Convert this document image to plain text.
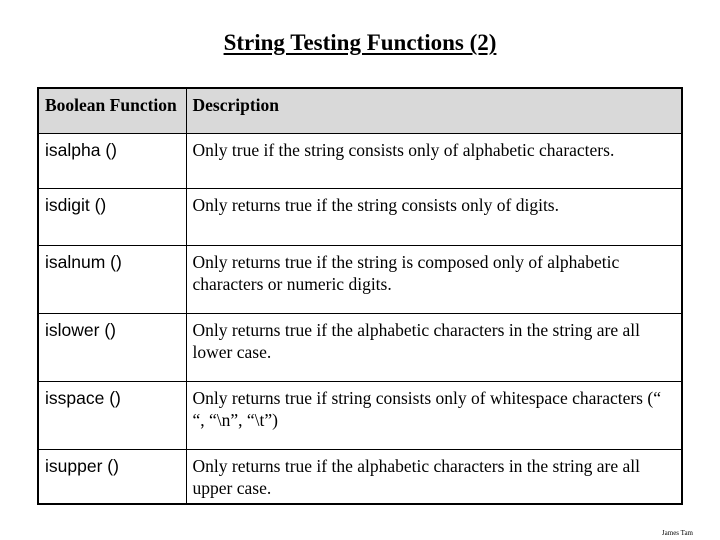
String Testing Functions (2)
Boolean Function	Description
isalpha ()	Only true if the string consists only of alphabetic characters.
isdigit ()	Only returns true if the string consists only of digits.
isalnum ()	Only returns true if the string is composed only of alphabetic characters or numeric digits.
islower ()	Only returns true if the alphabetic characters in the string are all lower case.
isspace ()	Only returns true if string consists only of whitespace characters (“ “, “\n”, “\t”)
isupper ()	Only returns true if the alphabetic characters in the string are all upper case.
James Tam
